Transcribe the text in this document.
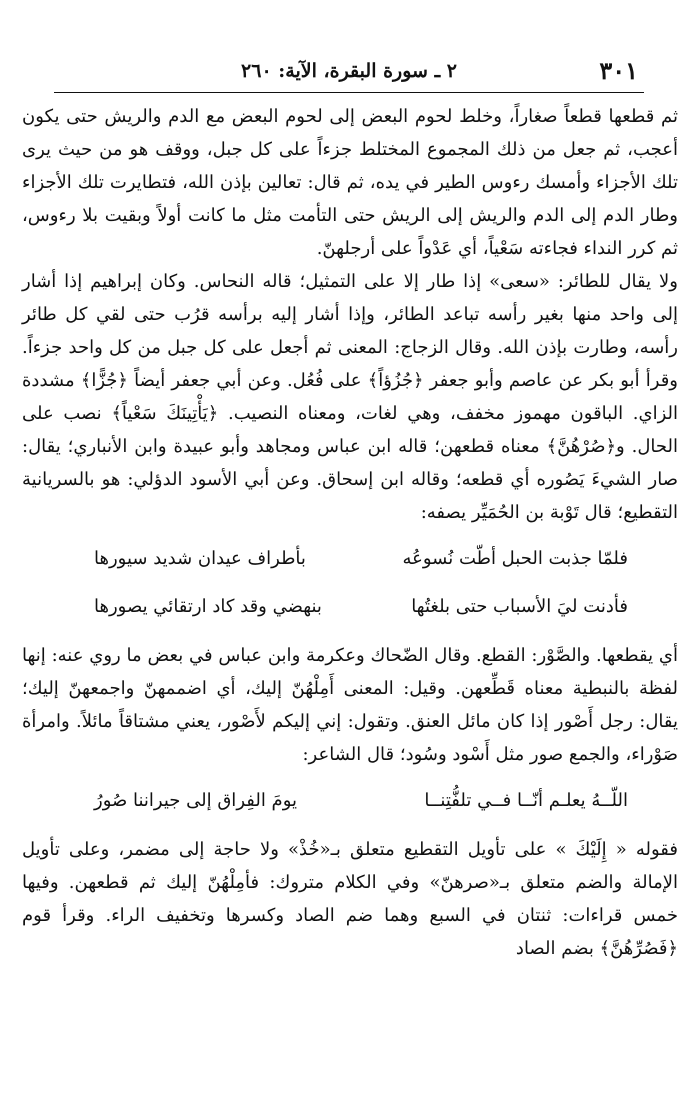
٣٠١
٢ ـ سورة البقرة، الآية: ٢٦٠

ثم قطعها قطعاً صغاراً، وخلط لحوم البعض إلى لحوم البعض مع الدم والريش حتى يكون أعجب، ثم جعل من ذلك المجموع المختلط جزءاً على كل جبل، ووقف هو من حيث يرى تلك الأجزاء وأمسك رءوس الطير في يده، ثم قال: تعالين بإذن الله، فتطايرت تلك الأجزاء وطار الدم إلى الدم والريش إلى الريش حتى التأمت مثل ما كانت أولاً وبقيت بلا رءوس، ثم كرر النداء فجاءته سَعْياً، أي عَدْواً على أرجلهنّ.

ولا يقال للطائر: «سعى» إذا طار إلا على التمثيل؛ قاله النحاس. وكان إبراهيم إذا أشار إلى واحد منها بغير رأسه تباعد الطائر، وإذا أشار إليه برأسه قرُب حتى لقي كل طائر رأسه، وطارت بإذن الله. وقال الزجاج: المعنى ثم أجعل على كل جبل من كل واحد جزءاً. وقرأ أبو بكر عن عاصم وأبو جعفر ﴿جُزُؤاً﴾ على فُعُل. وعن أبي جعفر أيضاً ﴿جُزًّا﴾ مشددة الزاي. الباقون مهموز مخفف، وهي لغات، ومعناه النصيب. ﴿يَأْتِينَكَ سَعْياً﴾ نصب على الحال. و﴿صُرْهُنَّ﴾ معناه قطعهن؛ قاله ابن عباس ومجاهد وأبو عبيدة وابن الأنباري؛ يقال: صار الشيءَ يَصُوره أي قطعه؛ وقاله ابن إسحاق. وعن أبي الأسود الدؤلي: هو بالسريانية التقطيع؛ قال تَوْبة بن الحُمَيِّر يصفه:

فلمّا جذبت الحبل أطّت نُسوعُه
بأطراف عيدان شديد سيورها
فأدنت ليَ الأسباب حتى بلغتُها
بنهضي وقد كاد ارتقائي يصورها

أي يقطعها. والصَّوْر: القطع. وقال الضّحاك وعكرمة وابن عباس في بعض ما روي عنه: إنها لفظة بالنبطية معناه قَطِّعهن. وقيل: المعنى أَمِلْهُنّ إليك، أي اضممهنّ واجمعهنّ إليك؛ يقال: رجل أَصْور إذا كان مائل العنق. وتقول: إني إليكم لأَصْور، يعني مشتاقاً مائلاً. وامرأة صَوْراء، والجمع صور مثل أَسْود وسُود؛ قال الشاعر:

اللّــهُ يعلـم أنّــا فــي تلفُّتِنــا
يومَ الفِراق إلى جيراننا صُورُ

فقوله « إِلَيْكَ » على تأويل التقطيع متعلق بـ«خُذْ» ولا حاجة إلى مضمر، وعلى تأويل الإمالة والضم متعلق بـ«صرهنّ» وفي الكلام متروك: فأمِلْهُنّ إليك ثم قطعهن. وفيها خمس قراءات: ثنتان في السبع وهما ضم الصاد وكسرها وتخفيف الراء. وقرأ قوم ﴿فَصُرِّهُنَّ﴾ بضم الصاد
